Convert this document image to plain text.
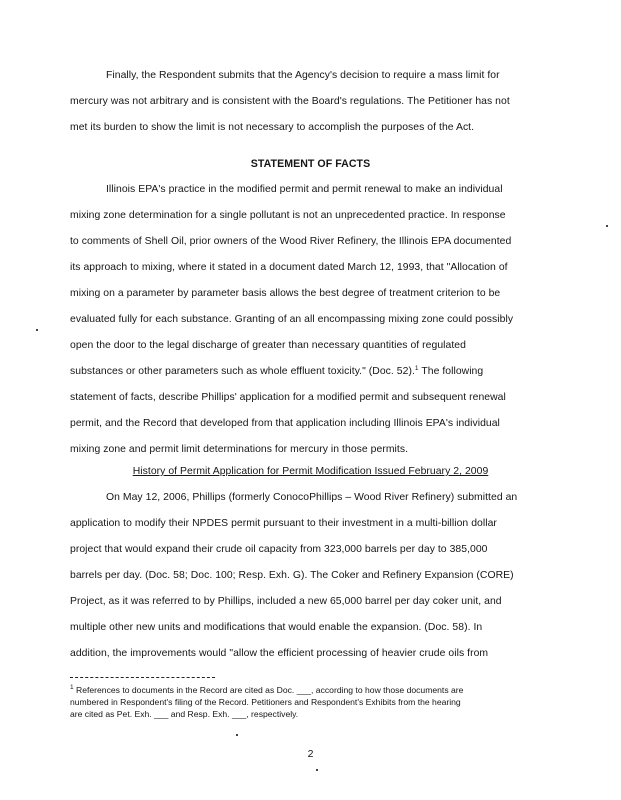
Finally, the Respondent submits that the Agency's decision to require a mass limit for
mercury was not arbitrary and is consistent with the Board's regulations. The Petitioner has not
met its burden to show the limit is not necessary to accomplish the purposes of the Act.
STATEMENT OF FACTS
Illinois EPA's practice in the modified permit and permit renewal to make an individual
mixing zone determination for a single pollutant is not an unprecedented practice. In response
to comments of Shell Oil, prior owners of the Wood River Refinery, the Illinois EPA documented
its approach to mixing, where it stated in a document dated March 12, 1993, that "Allocation of
mixing on a parameter by parameter basis allows the best degree of treatment criterion to be
evaluated fully for each substance. Granting of an all encompassing mixing zone could possibly
open the door to the legal discharge of greater than necessary quantities of regulated
substances or other parameters such as whole effluent toxicity." (Doc. 52).$^1$ The following
statement of facts, describe Phillips' application for a modified permit and subsequent renewal
permit, and the Record that developed from that application including Illinois EPA's individual
mixing zone and permit limit determinations for mercury in those permits.
History of Permit Application for Permit Modification Issued February 2, 2009
On May 12, 2006, Phillips (formerly ConocoPhillips – Wood River Refinery) submitted an
application to modify their NPDES permit pursuant to their investment in a multi-billion dollar
project that would expand their crude oil capacity from 323,000 barrels per day to 385,000
barrels per day. (Doc. 58; Doc. 100; Resp. Exh. G). The Coker and Refinery Expansion (CORE)
Project, as it was referred to by Phillips, included a new 65,000 barrel per day coker unit, and
multiple other new units and modifications that would enable the expansion. (Doc. 58). In
addition, the improvements would "allow the efficient processing of heavier crude oils from
$^1$ References to documents in the Record are cited as Doc. ___, according to how those documents are
numbered in Respondent's filing of the Record. Petitioners and Respondent's Exhibits from the hearing
are cited as Pet. Exh. ___ and Resp. Exh. ___, respectively.
2
